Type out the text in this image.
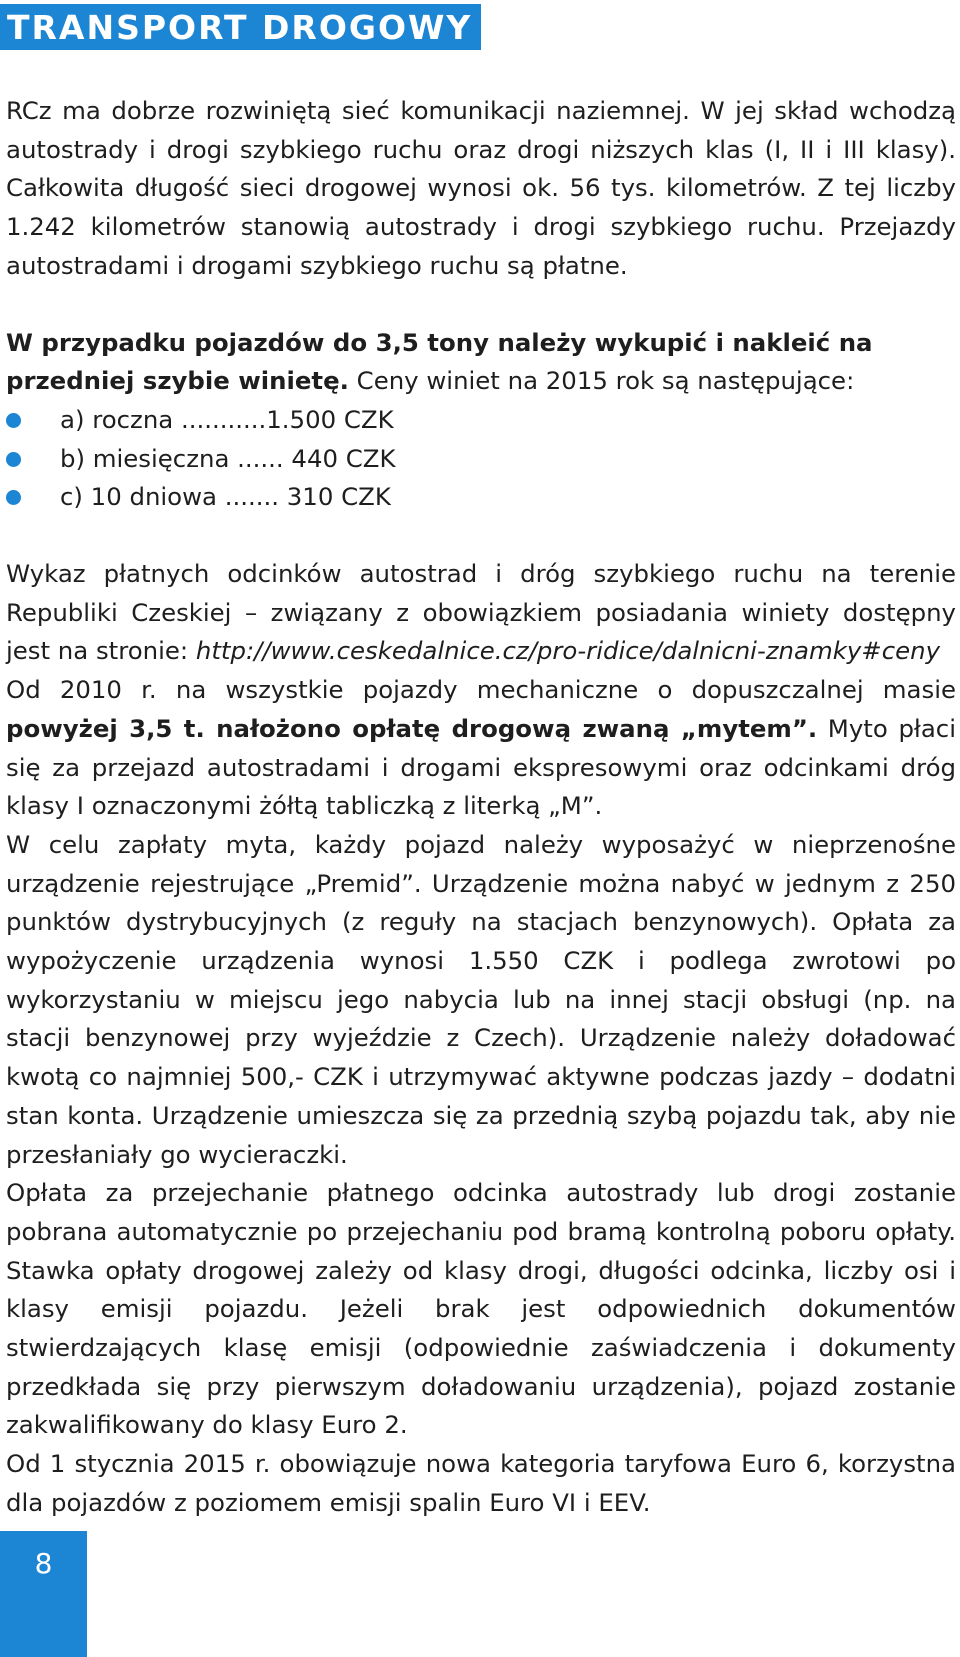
TRANSPORT DROGOWY

RCz ma dobrze rozwiniętą sieć komunikacji naziemnej. W jej skład wchodzą autostrady i drogi szybkiego ruchu oraz drogi niższych klas (I, II i III klasy). Całkowita długość sieci drogowej wynosi ok. 56 tys. kilometrów. Z tej liczby 1.242 kilometrów stanowią autostrady i drogi szybkiego ruchu. Przejazdy autostradami i drogami szybkiego ruchu są płatne.

W przypadku pojazdów do 3,5 tony należy wykupić i nakleić na przedniej szybie winietę. Ceny winiet na 2015 rok są następujące:

a) roczna ...........1.500 CZK
b) miesięczna ...... 440 CZK
c) 10 dniowa ....... 310 CZK

Wykaz płatnych odcinków autostrad i dróg szybkiego ruchu na terenie Republiki Czeskiej – związany z obowiązkiem posiadania winiety dostępny jest na stronie: http://www.ceskedalnice.cz/pro-ridice/dalnicni-znamky#ceny

Od 2010 r. na wszystkie pojazdy mechaniczne o dopuszczalnej masie powyżej 3,5 t. nałożono opłatę drogową zwaną „mytem”. Myto płaci się za przejazd autostradami i drogami ekspresowymi oraz odcinkami dróg klasy I oznaczonymi żółtą tabliczką z literką „M”.

W celu zapłaty myta, każdy pojazd należy wyposażyć w nieprzenośne urządzenie rejestrujące „Premid”. Urządzenie można nabyć w jednym z 250 punktów dystrybucyjnych (z reguły na stacjach benzynowych). Opłata za wypożyczenie urządzenia wynosi 1.550 CZK i podlega zwrotowi po wykorzystaniu w miejscu jego nabycia lub na innej stacji obsługi (np. na stacji benzynowej przy wyjeździe z Czech). Urządzenie należy doładować kwotą co najmniej 500,- CZK i utrzymywać aktywne podczas jazdy – dodatni stan konta. Urządzenie umieszcza się za przednią szybą pojazdu tak, aby nie przesłaniały go wycieraczki.

Opłata za przejechanie płatnego odcinka autostrady lub drogi zostanie pobrana automatycznie po przejechaniu pod bramą kontrolną poboru opłaty. Stawka opłaty drogowej zależy od klasy drogi, długości odcinka, liczby osi i klasy emisji pojazdu. Jeżeli brak jest odpowiednich dokumentów stwierdzających klasę emisji (odpowiednie zaświadczenia i dokumenty przedkłada się przy pierwszym doładowaniu urządzenia), pojazd zostanie zakwalifikowany do klasy Euro 2.

Od 1 stycznia 2015 r. obowiązuje nowa kategoria taryfowa Euro 6, korzystna dla pojazdów z poziomem emisji spalin Euro VI i EEV.

8
